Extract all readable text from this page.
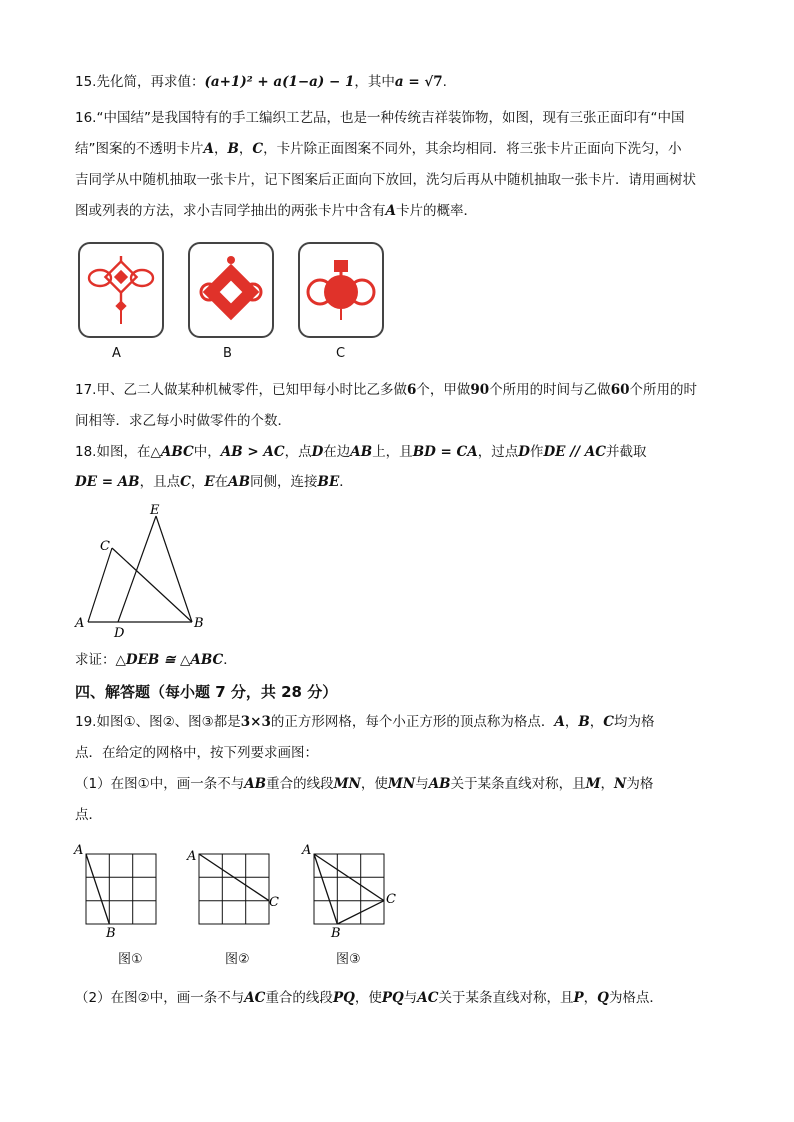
15.先化简，再求值：(a+1)² + a(1−a) − 1，其中a = √7.
16.“中国结”是我国特有的手工编织工艺品，也是一种传统吉祥装饰物，如图，现有三张正面印有“中国
结”图案的不透明卡片A，B，C，卡片除正面图案不同外，其余均相同．将三张卡片正面向下洗匀，小
吉同学从中随机抽取一张卡片，记下图案后正面向下放回，洗匀后再从中随机抽取一张卡片．请用画树状
图或列表的方法，求小吉同学抽出的两张卡片中含有A卡片的概率．
A	B	C
17.甲、乙二人做某种机械零件，已知甲每小时比乙多做6个，甲做90个所用的时间与乙做60个所用的时
间相等．求乙每小时做零件的个数．
18.如图，在△ABC中，AB > AC，点D在边AB上，且BD = CA，过点D作DE // AC并截取
DE = AB，且点C，E在AB同侧，连接BE．
A	B
C
D
E
求证：△DEB ≅ △ABC．
四、解答题（每小题 7 分，共 28 分）
19.如图①、图②、图③都是3×3的正方形网格，每个小正方形的顶点称为格点．A，B，C均为格
点．在给定的网格中，按下列要求画图：
（1）在图①中，画一条不与AB重合的线段MN，使MN与AB关于某条直线对称，且M，N为格
点．
A
B
A
C
A
B
C
图①	图②	图③
（2）在图②中，画一条不与AC重合的线段PQ，使PQ与AC关于某条直线对称，且P，Q为格点．
